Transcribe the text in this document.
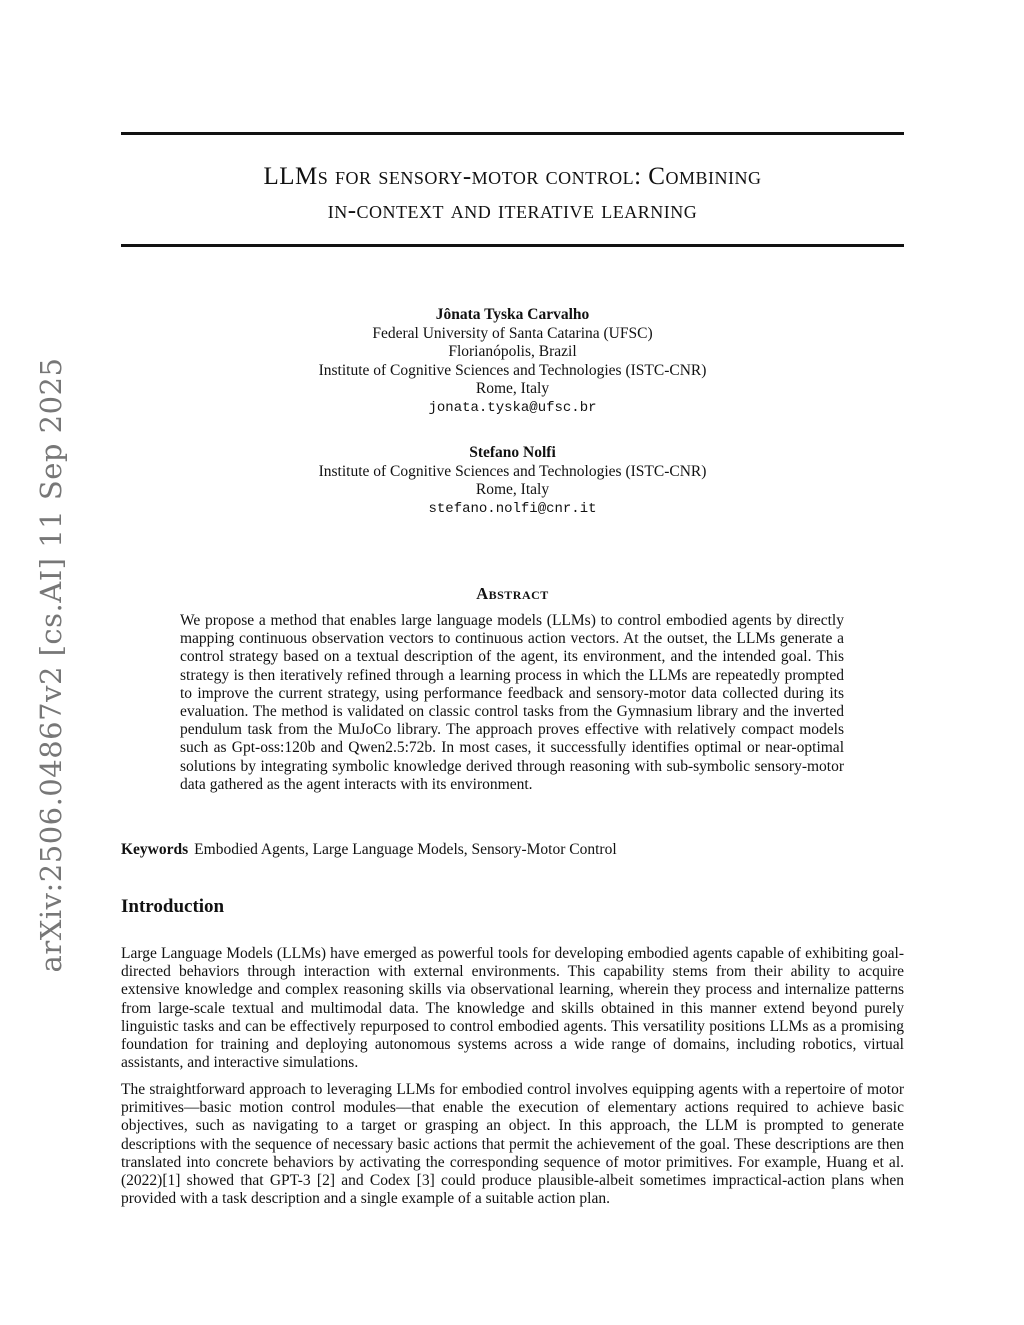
arXiv:2506.04867v2 [cs.AI] 11 Sep 2025
LLMs for sensory-motor control: Combining
in-context and iterative learning
Jônata Tyska Carvalho
Federal University of Santa Catarina (UFSC)
Florianópolis, Brazil
Institute of Cognitive Sciences and Technologies (ISTC-CNR)
Rome, Italy
jonata.tyska@ufsc.br
Stefano Nolfi
Institute of Cognitive Sciences and Technologies (ISTC-CNR)
Rome, Italy
stefano.nolfi@cnr.it
Abstract

We propose a method that enables large language models (LLMs) to control embodied agents by directly mapping continuous observation vectors to continuous action vectors. At the outset, the LLMs generate a control strategy based on a textual description of the agent, its environment, and the intended goal. This strategy is then iteratively refined through a learning process in which the LLMs are repeatedly prompted to improve the current strategy, using performance feedback and sensory-motor data collected during its evaluation. The method is validated on classic control tasks from the Gymnasium library and the inverted pendulum task from the MuJoCo library. The approach proves effective with relatively compact models such as Gpt-oss:120b and Qwen2.5:72b. In most cases, it successfully identifies optimal or near-optimal solutions by integrating symbolic knowledge derived through reasoning with sub-symbolic sensory-motor data gathered as the agent interacts with its environment.

Keywords Embodied Agents, Large Language Models, Sensory-Motor Control
Introduction

Large Language Models (LLMs) have emerged as powerful tools for developing embodied agents capable of exhibiting goal-directed behaviors through interaction with external environments. This capability stems from their ability to acquire extensive knowledge and complex reasoning skills via observational learning, wherein they process and internalize patterns from large-scale textual and multimodal data. The knowledge and skills obtained in this manner extend beyond purely linguistic tasks and can be effectively repurposed to control embodied agents. This versatility positions LLMs as a promising foundation for training and deploying autonomous systems across a wide range of domains, including robotics, virtual assistants, and interactive simulations.

The straightforward approach to leveraging LLMs for embodied control involves equipping agents with a repertoire of motor primitives—basic motion control modules—that enable the execution of elementary actions required to achieve basic objectives, such as navigating to a target or grasping an object. In this approach, the LLM is prompted to generate descriptions with the sequence of necessary basic actions that permit the achievement of the goal. These descriptions are then translated into concrete behaviors by activating the corresponding sequence of motor primitives. For example, Huang et al. (2022)[1] showed that GPT-3 [2] and Codex [3] could produce plausible-albeit sometimes impractical-action plans when provided with a task description and a single example of a suitable action plan.
